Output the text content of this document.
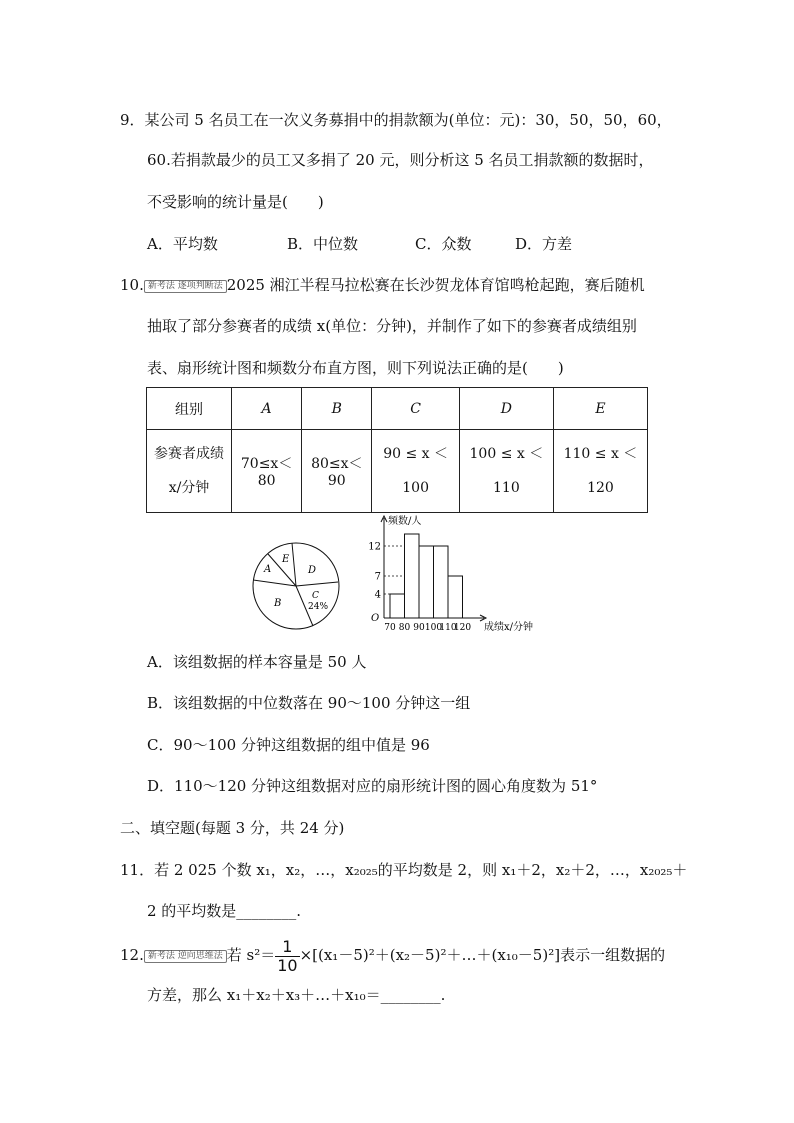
9．某公司 5 名员工在一次义务募捐中的捐款额为(单位：元)：30，50，50，60，
60.若捐款最少的员工又多捐了 20 元，则分析这 5 名员工捐款额的数据时，
不受影响的统计量是(　　)
A．平均数	B．中位数	C．众数	D．方差
10. 新考法 逐项判断法 2025 湘江半程马拉松赛在长沙贺龙体育馆鸣枪起跑，赛后随机
抽取了部分参赛者的成绩 x(单位：分钟)，并制作了如下的参赛者成绩组别
表、扇形统计图和频数分布直方图，则下列说法正确的是(　　)
组别	A	B	C	D	E
参赛者成绩 x/分钟	70≤x＜80	80≤x＜90	90 ≤ x ＜ 100	100 ≤ x ＜ 110	110 ≤ x ＜ 120
A
E
D
C
24%
B
频数/人
成绩x/分钟
O
4
7
12
70 80 90 100
110
120
A．该组数据的样本容量是 50 人
B．该组数据的中位数落在 90～100 分钟这一组
C．90～100 分钟这组数据的组中值是 96
D．110～120 分钟这组数据对应的扇形统计图的圆心角度数为 51°
二、填空题(每题 3 分，共 24 分)
11．若 2 025 个数 x₁，x₂，…，x₂₀₂₅的平均数是 2，则 x₁＋2，x₂＋2，…，x₂₀₂₅＋
2 的平均数是________.
12. 新考法 逆向思维法 若 $s^2= \frac{1}{10}$ ×[(x₁－5)²＋(x₂－5)²＋…＋(x₁₀－5)²]表示一组数据的
方差，那么 x₁＋x₂＋x₃＋…＋x₁₀＝________.
